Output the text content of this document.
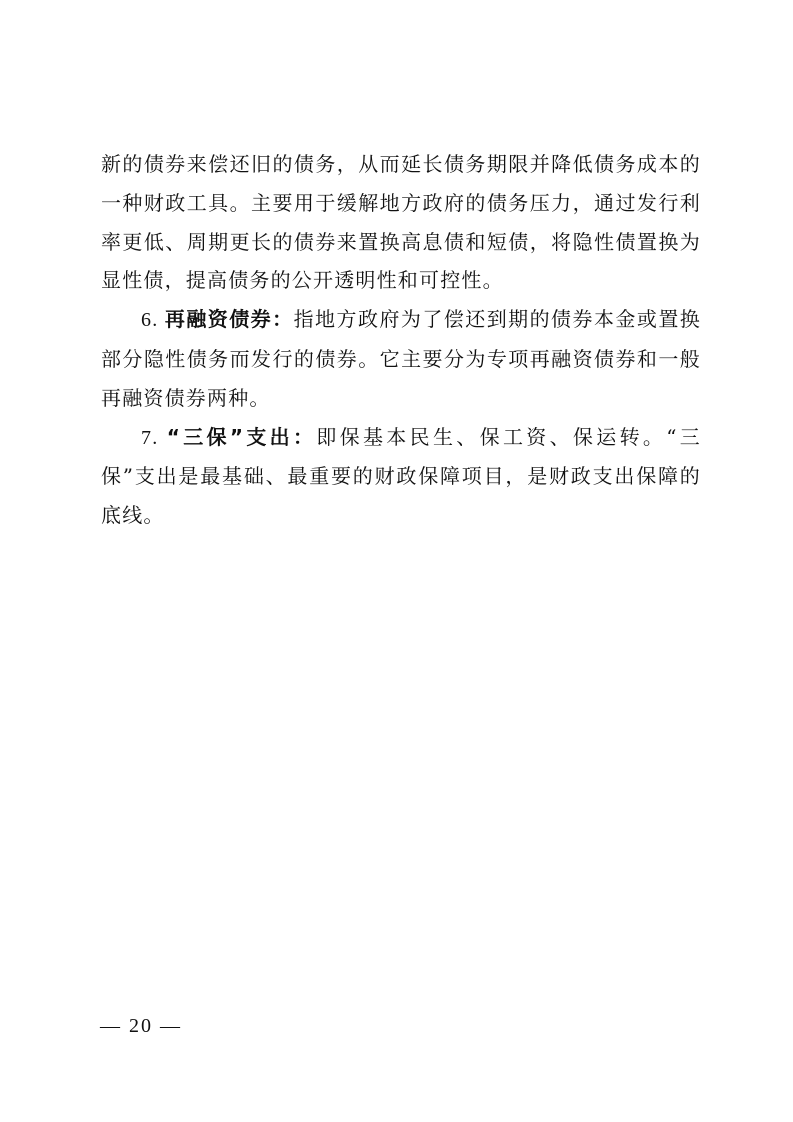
新的债券来偿还旧的债务，从而延长债务期限并降低债务成本的一种财政工具。主要用于缓解地方政府的债务压力，通过发行利率更低、周期更长的债券来置换高息债和短债，将隐性债置换为显性债，提高债务的公开透明性和可控性。

6. 再融资债券：指地方政府为了偿还到期的债券本金或置换部分隐性债务而发行的债券。它主要分为专项再融资债券和一般再融资债券两种。

7. “三保”支出：即保基本民生、保工资、保运转。“三保”支出是最基础、最重要的财政保障项目，是财政支出保障的底线。

— 20 —
